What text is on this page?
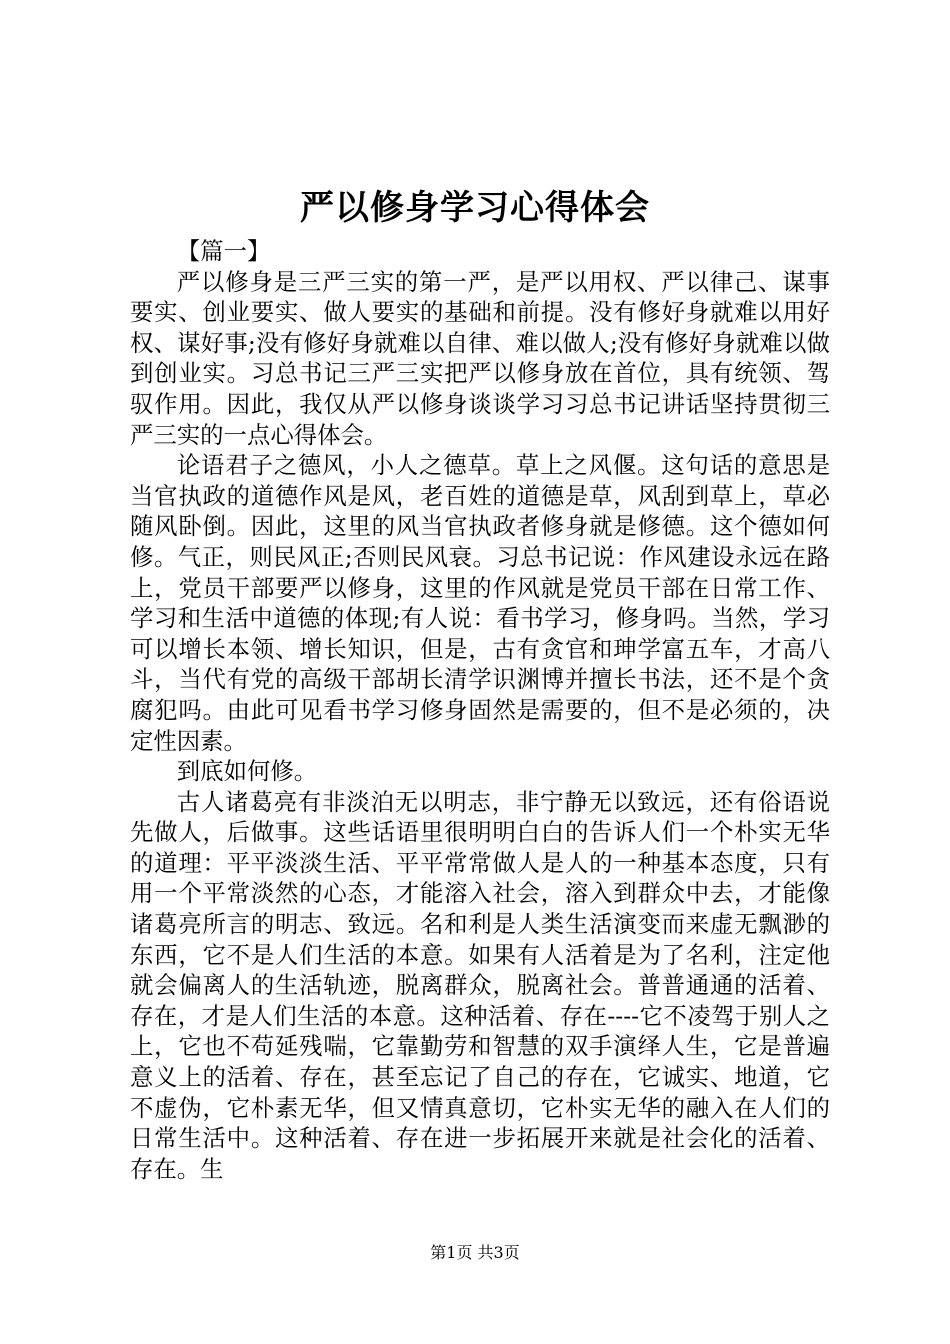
严以修身学习心得体会

【篇一】

严以修身是三严三实的第一严，是严以用权、严以律己、谋事要实、创业要实、做人要实的基础和前提。没有修好身就难以用好权、谋好事;没有修好身就难以自律、难以做人;没有修好身就难以做到创业实。习总书记三严三实把严以修身放在首位，具有统领、驾驭作用。因此，我仅从严以修身谈谈学习习总书记讲话坚持贯彻三严三实的一点心得体会。

论语君子之德风，小人之德草。草上之风偃。这句话的意思是当官执政的道德作风是风，老百姓的道德是草，风刮到草上，草必随风卧倒。因此，这里的风当官执政者修身就是修德。这个德如何修。气正，则民风正;否则民风衰。习总书记说：作风建设永远在路上，党员干部要严以修身，这里的作风就是党员干部在日常工作、学习和生活中道德的体现;有人说：看书学习，修身吗。当然，学习可以增长本领、增长知识，但是，古有贪官和珅学富五车，才高八斗，当代有党的高级干部胡长清学识渊博并擅长书法，还不是个贪腐犯吗。由此可见看书学习修身固然是需要的，但不是必须的，决定性因素。

到底如何修。

古人诸葛亮有非淡泊无以明志，非宁静无以致远，还有俗语说先做人，后做事。这些话语里很明明白白的告诉人们一个朴实无华的道理：平平淡淡生活、平平常常做人是人的一种基本态度，只有用一个平常淡然的心态，才能溶入社会，溶入到群众中去，才能像诸葛亮所言的明志、致远。名和利是人类生活演变而来虚无飘渺的东西，它不是人们生活的本意。如果有人活着是为了名利，注定他就会偏离人的生活轨迹，脱离群众，脱离社会。普普通通的活着、存在，才是人们生活的本意。这种活着、存在----它不凌驾于别人之上，它也不苟延残喘，它靠勤劳和智慧的双手演绎人生，它是普遍意义上的活着、存在，甚至忘记了自己的存在，它诚实、地道，它不虚伪，它朴素无华，但又情真意切，它朴实无华的融入在人们的日常生活中。这种活着、存在进一步拓展开来就是社会化的活着、存在。生

第1页 共3页
